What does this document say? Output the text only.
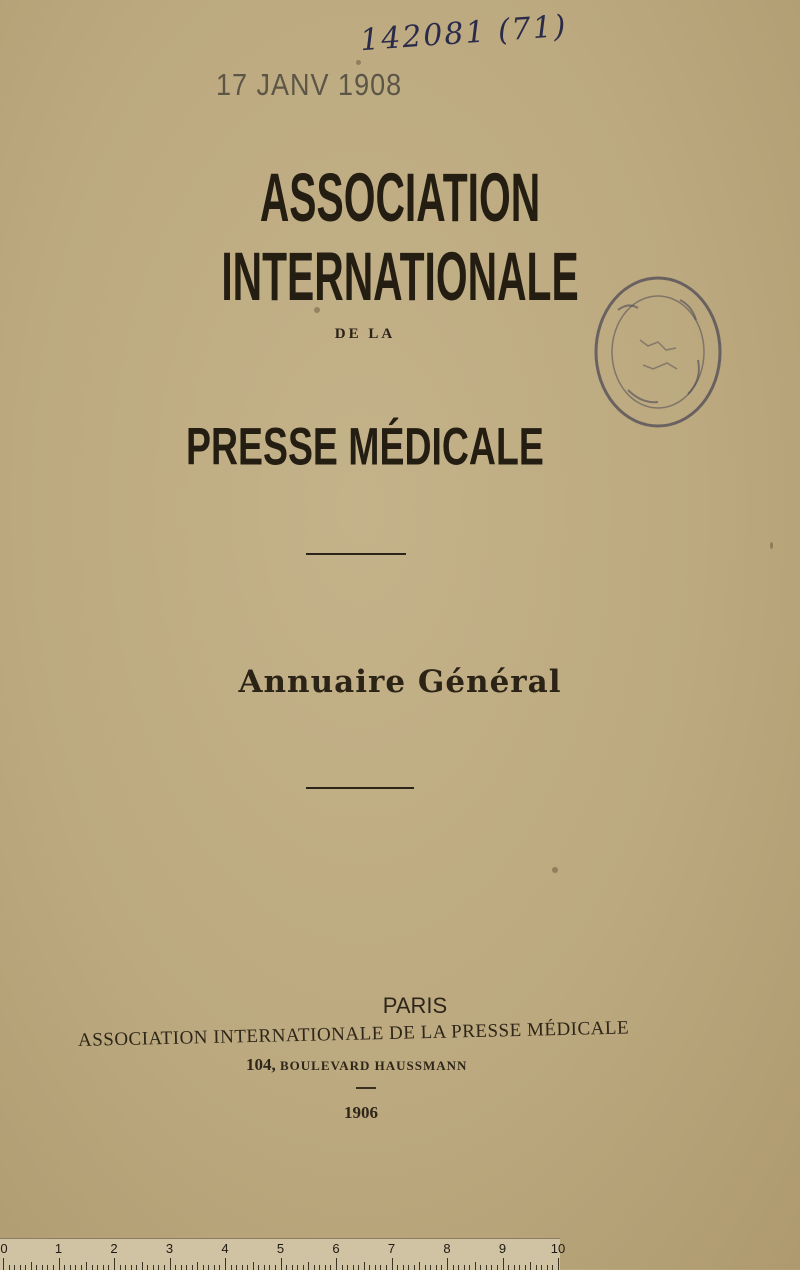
142081 (71)
17 JANV 1908
ASSOCIATION INTERNATIONALE
DE LA
PRESSE MÉDICALE
Annuaire Général
PARIS
ASSOCIATION INTERNATIONALE DE LA PRESSE MÉDICALE
104, BOULEVARD HAUSSMANN
1906
0	1	2	3	4	5	6	7	8	9	10
